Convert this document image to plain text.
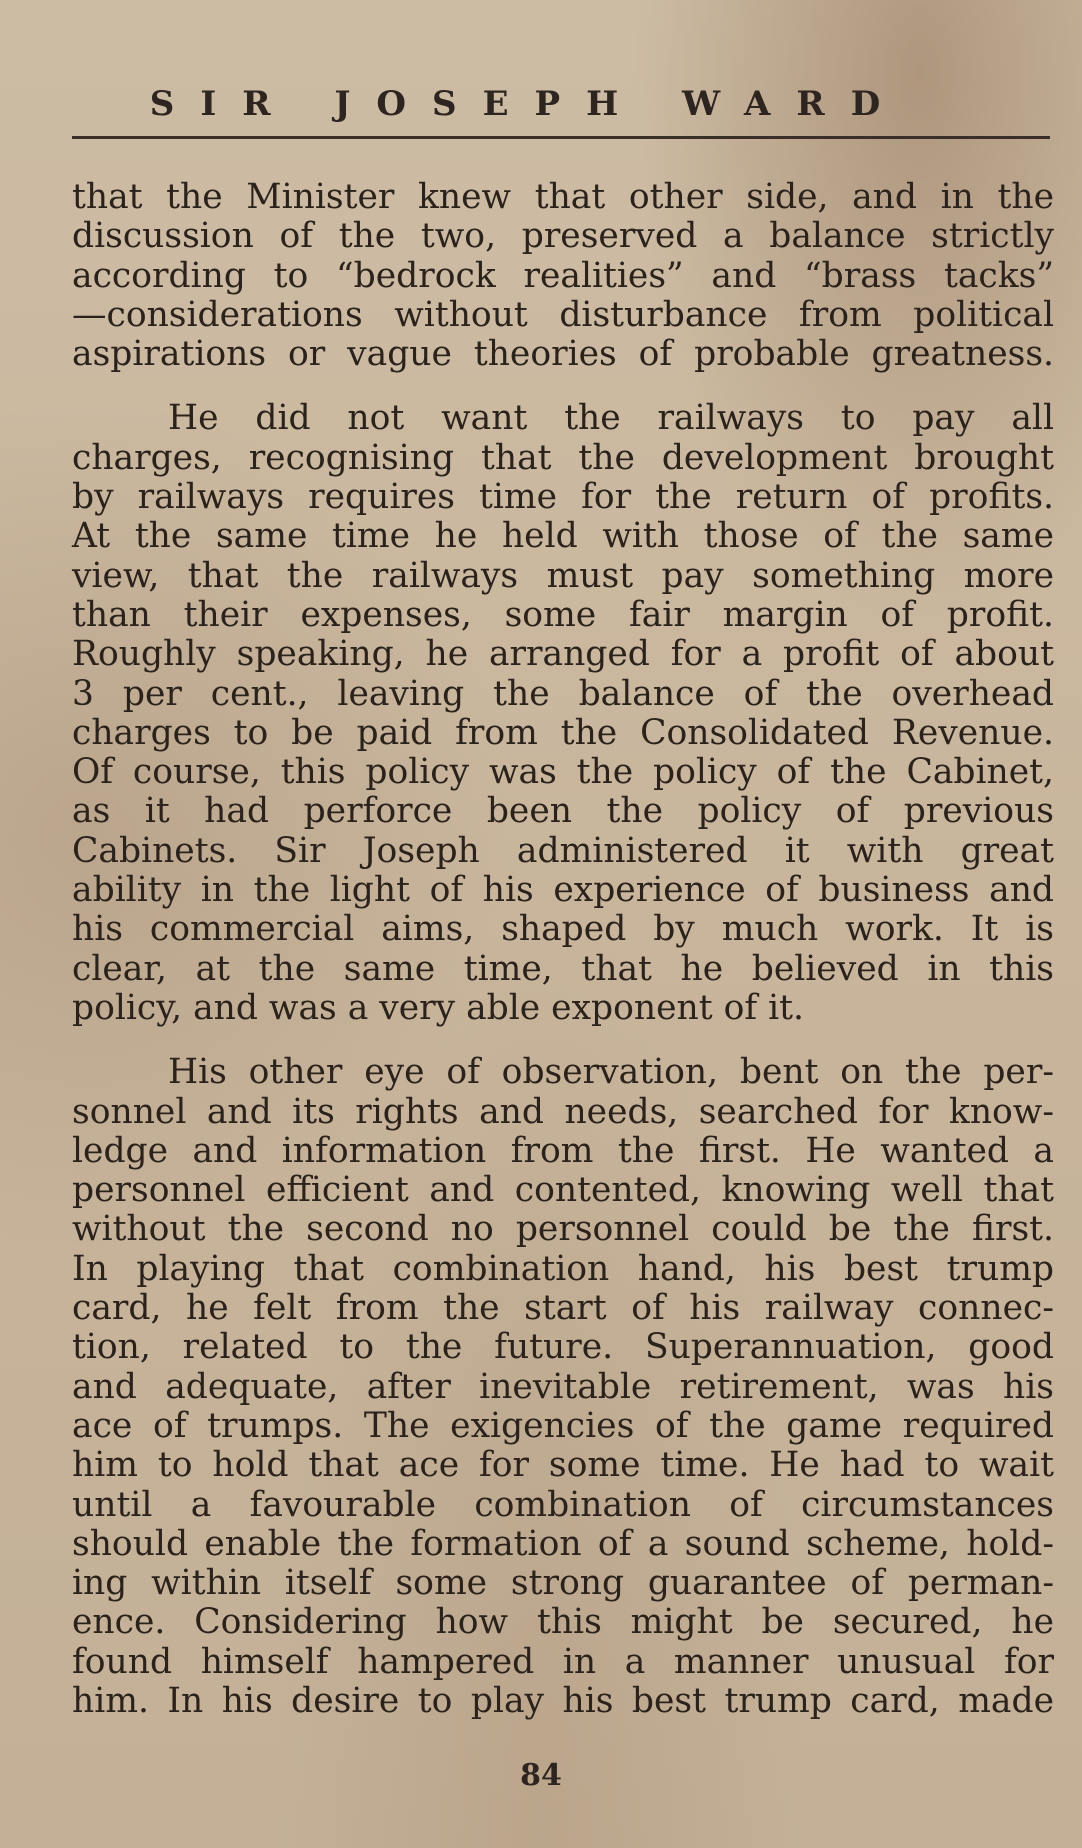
SIR JOSEPH WARD
that the Minister knew that other side, and in the
discussion of the two, preserved a balance strictly
according to “bedrock realities” and “brass tacks”
—considerations without disturbance from political
aspirations or vague theories of probable greatness.
He did not want the railways to pay all
charges, recognising that the development brought
by railways requires time for the return of profits.
At the same time he held with those of the same
view, that the railways must pay something more
than their expenses, some fair margin of profit.
Roughly speaking, he arranged for a profit of about
3 per cent., leaving the balance of the overhead
charges to be paid from the Consolidated Revenue.
Of course, this policy was the policy of the Cabinet,
as it had perforce been the policy of previous
Cabinets. Sir Joseph administered it with great
ability in the light of his experience of business and
his commercial aims, shaped by much work. It is
clear, at the same time, that he believed in this
policy, and was a very able exponent of it.
His other eye of observation, bent on the per-
sonnel and its rights and needs, searched for know-
ledge and information from the first. He wanted a
personnel efficient and contented, knowing well that
without the second no personnel could be the first.
In playing that combination hand, his best trump
card, he felt from the start of his railway connec-
tion, related to the future. Superannuation, good
and adequate, after inevitable retirement, was his
ace of trumps. The exigencies of the game required
him to hold that ace for some time. He had to wait
until a favourable combination of circumstances
should enable the formation of a sound scheme, hold-
ing within itself some strong guarantee of perman-
ence. Considering how this might be secured, he
found himself hampered in a manner unusual for
him. In his desire to play his best trump card, made
84
